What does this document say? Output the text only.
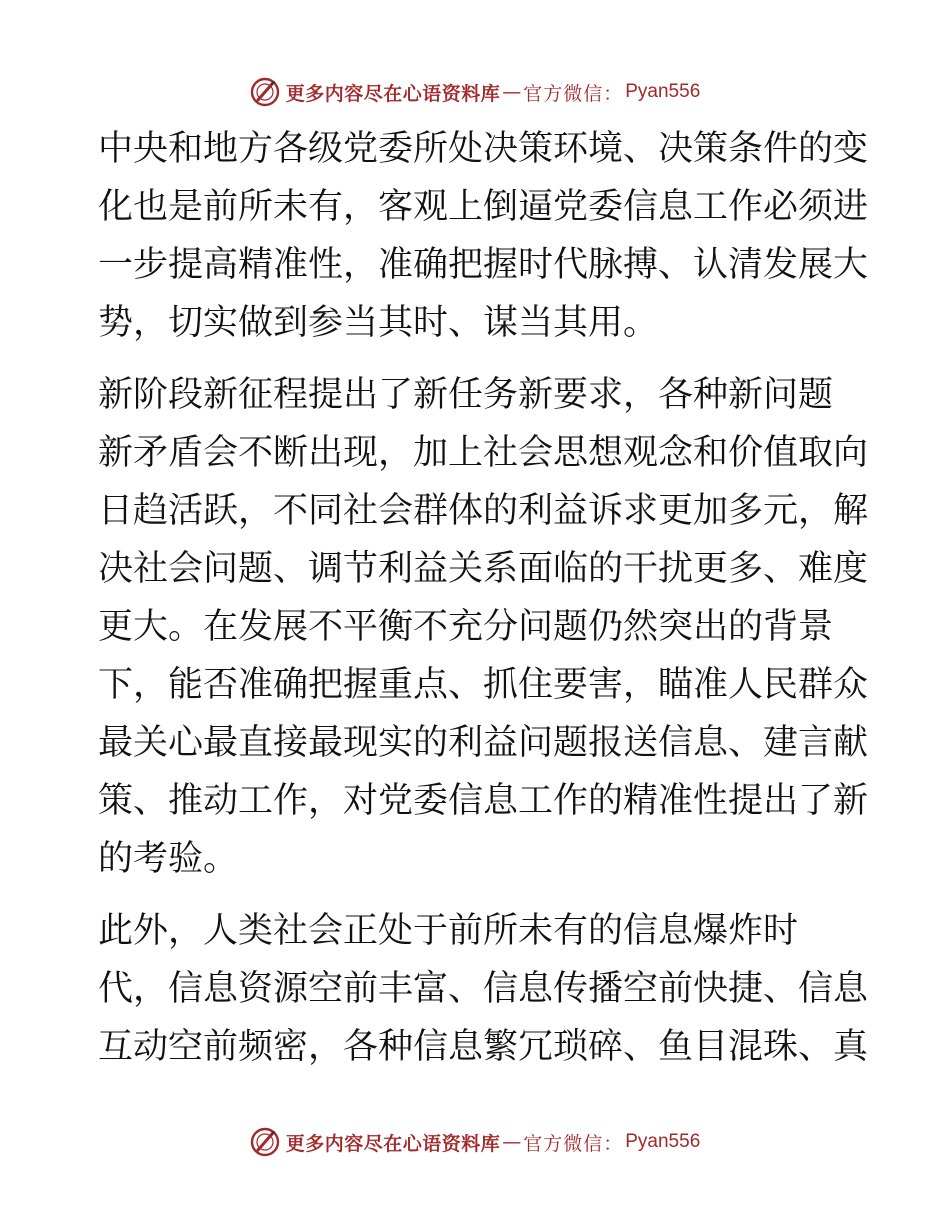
更多内容尽在心语资料库 — 官方微信： Pyan556
中央和地方各级党委所处决策环境、决策条件的变
化也是前所未有，客观上倒逼党委信息工作必须进
一步提高精准性，准确把握时代脉搏、认清发展大
势，切实做到参当其时、谋当其用。
新阶段新征程提出了新任务新要求，各种新问题
新矛盾会不断出现，加上社会思想观念和价值取向
日趋活跃，不同社会群体的利益诉求更加多元，解
决社会问题、调节利益关系面临的干扰更多、难度
更大。在发展不平衡不充分问题仍然突出的背景
下，能否准确把握重点、抓住要害，瞄准人民群众
最关心最直接最现实的利益问题报送信息、建言献
策、推动工作，对党委信息工作的精准性提出了新
的考验。
此外，人类社会正处于前所未有的信息爆炸时
代，信息资源空前丰富、信息传播空前快捷、信息
互动空前频密，各种信息繁冗琐碎、鱼目混珠、真
更多内容尽在心语资料库 — 官方微信： Pyan556
